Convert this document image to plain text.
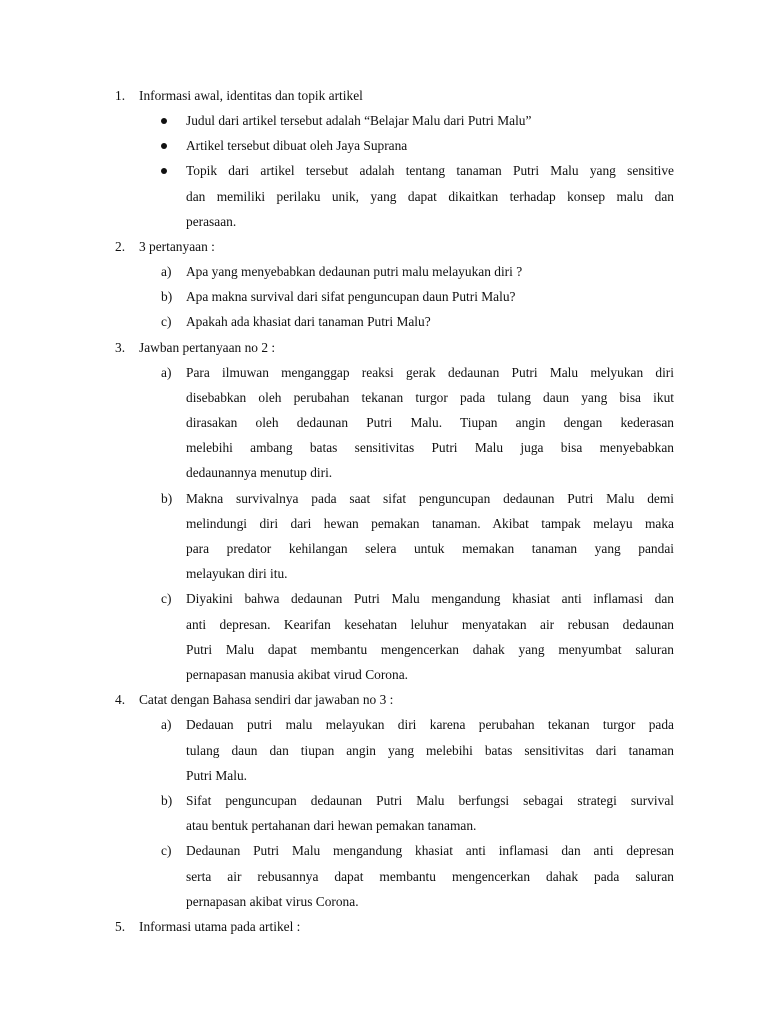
1. Informasi awal, identitas dan topik artikel
Judul dari artikel tersebut adalah “Belajar Malu dari Putri Malu”
Artikel tersebut dibuat oleh Jaya Suprana
Topik dari artikel tersebut adalah tentang tanaman Putri Malu yang sensitive
dan memiliki perilaku unik, yang dapat dikaitkan terhadap konsep malu dan
perasaan.
2. 3 pertanyaan :
a) Apa yang menyebabkan dedaunan putri malu melayukan diri ?
b) Apa makna survival dari sifat penguncupan daun Putri Malu?
c) Apakah ada khasiat dari tanaman Putri Malu?
3. Jawban pertanyaan no 2 :
a) Para ilmuwan menganggap reaksi gerak dedaunan Putri Malu melyukan diri
disebabkan oleh perubahan tekanan turgor pada tulang daun yang bisa ikut
dirasakan oleh dedaunan Putri Malu. Tiupan angin dengan kederasan
melebihi ambang batas sensitivitas Putri Malu juga bisa menyebabkan
dedaunannya menutup diri.
b) Makna survivalnya pada saat sifat penguncupan dedaunan Putri Malu demi
melindungi diri dari hewan pemakan tanaman. Akibat tampak melayu maka
para predator kehilangan selera untuk memakan tanaman yang pandai
melayukan diri itu.
c) Diyakini bahwa dedaunan Putri Malu mengandung khasiat anti inflamasi dan
anti depresan. Kearifan kesehatan leluhur menyatakan air rebusan dedaunan
Putri Malu dapat membantu mengencerkan dahak yang menyumbat saluran
pernapasan manusia akibat virud Corona.
4. Catat dengan Bahasa sendiri dar jawaban no 3 :
a) Dedauan putri malu melayukan diri karena perubahan tekanan turgor pada
tulang daun dan tiupan angin yang melebihi batas sensitivitas dari tanaman
Putri Malu.
b) Sifat penguncupan dedaunan Putri Malu berfungsi sebagai strategi survival
atau bentuk pertahanan dari hewan pemakan tanaman.
c) Dedaunan Putri Malu mengandung khasiat anti inflamasi dan anti depresan
serta air rebusannya dapat membantu mengencerkan dahak pada saluran
pernapasan akibat virus Corona.
5. Informasi utama pada artikel :
